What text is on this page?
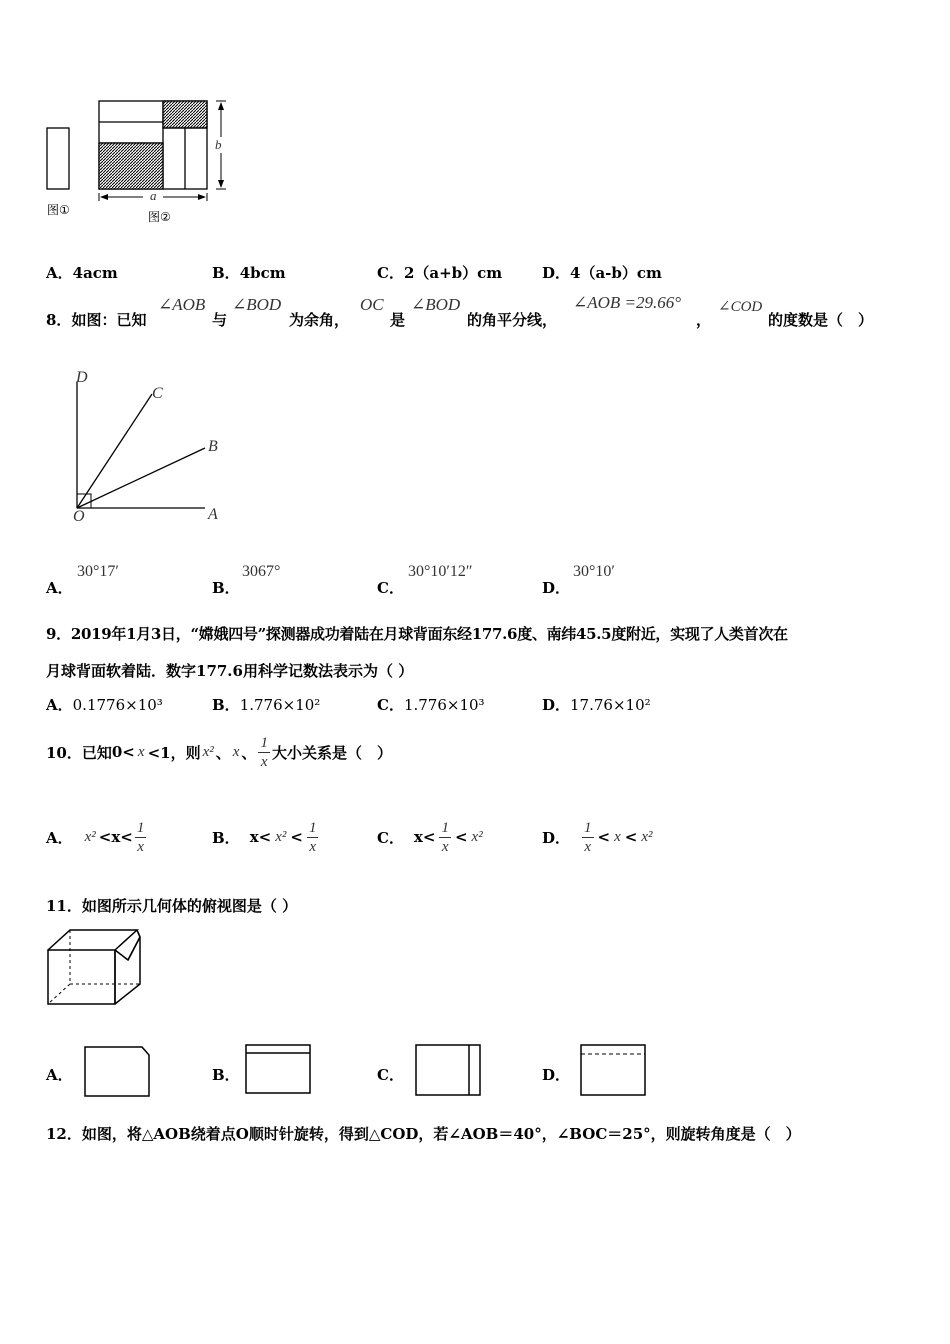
b
a
图①	图②
A．4acm	B．4bcm	C．2（a+b）cm	D．4（a-b）cm
8．如图：已知
∠AOB
与
∠BOD
为余角，
OC
是
∠BOD
的角平分线，
∠AOB =29.66°
，
∠COD
的度数是（　）
D
C
B
O	A
A．
30°17′
B．
3067°
C．
30°10′12″
D．
30°10′
9．2019年1月3日，“嫦娥四号”探测器成功着陆在月球背面东经177.6度、南纬45.5度附近，实现了人类首次在
月球背面软着陆．数字177.6用科学记数法表示为（ ）
A．0.1776×10³	B．1.776×10²	C．1.776×10³	D．17.76×10²
10．已知 0< x <1，则 x² 、 x 、 $\frac{1}{x}$ 大小关系是（　）
A． $x^2 <x< \frac{1}{x}$	B． $x< x^2 < \frac{1}{x}$	C． $x< \frac{1}{x} < x^2$	D． $\frac{1}{x} < x < x^2$
11．如图所示几何体的俯视图是（ ）
A．	B．	C．	D．
12．如图，将△AOB绕着点O顺时针旋转，得到△COD，若∠AOB＝40°，∠BOC＝25°，则旋转角度是（　）
